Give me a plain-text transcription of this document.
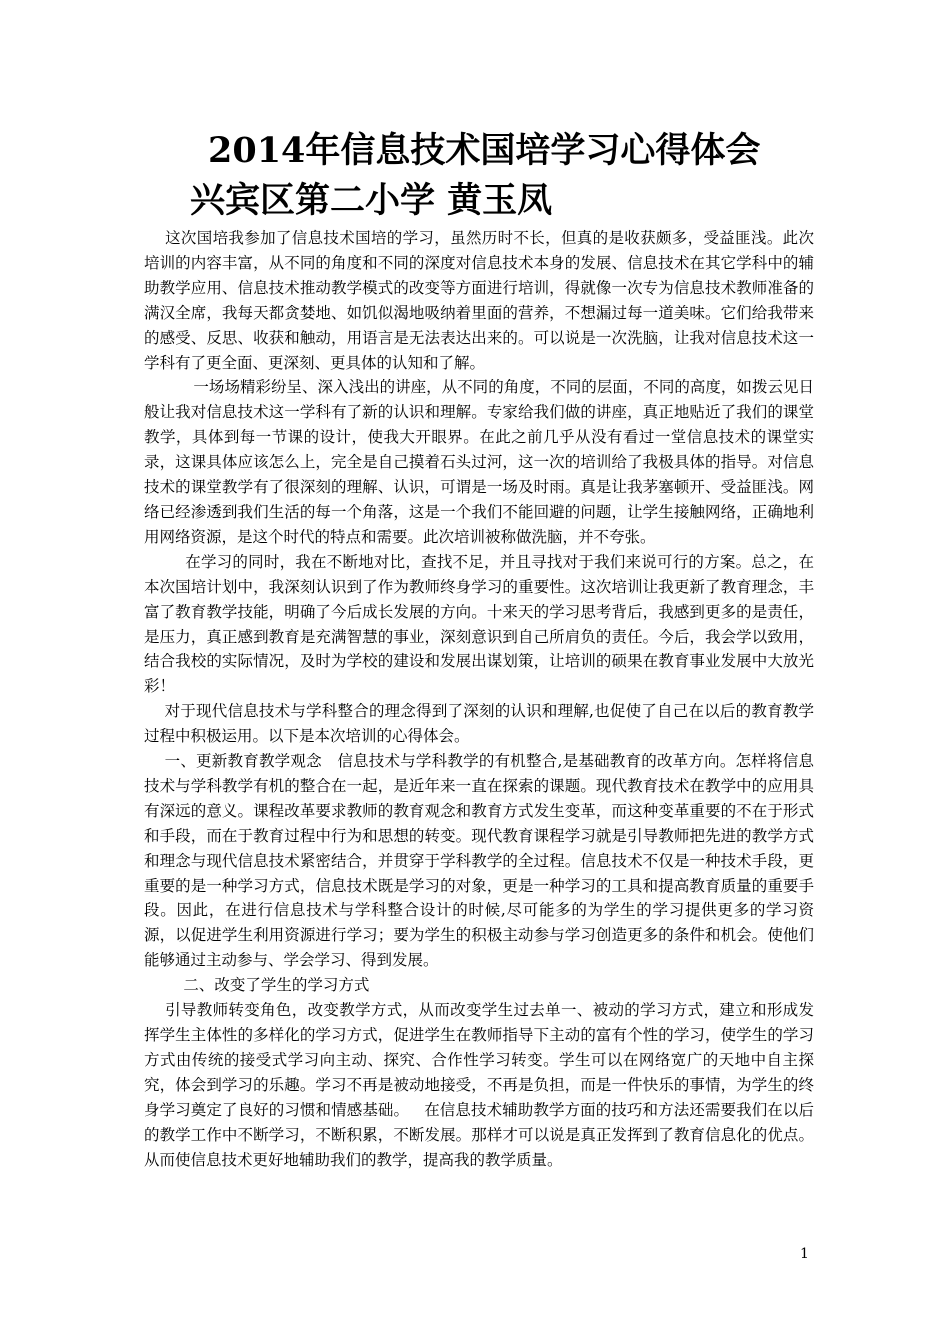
2014年信息技术国培学习心得体会
兴宾区第二小学 黄玉凤

这次国培我参加了信息技术国培的学习，虽然历时不长，但真的是收获颇多，受益匪浅。此次培训的内容丰富，从不同的角度和不同的深度对信息技术本身的发展、信息技术在其它学科中的辅助教学应用、信息技术推动教学模式的改变等方面进行培训，得就像一次专为信息技术教师准备的满汉全席，我每天都贪婪地、如饥似渴地吸纳着里面的营养，不想漏过每一道美味。它们给我带来的感受、反思、收获和触动，用语言是无法表达出来的。可以说是一次洗脑，让我对信息技术这一学科有了更全面、更深刻、更具体的认知和了解。

一场场精彩纷呈、深入浅出的讲座，从不同的角度，不同的层面，不同的高度，如拨云见日般让我对信息技术这一学科有了新的认识和理解。专家给我们做的讲座，真正地贴近了我们的课堂教学，具体到每一节课的设计，使我大开眼界。在此之前几乎从没有看过一堂信息技术的课堂实录，这课具体应该怎么上，完全是自己摸着石头过河，这一次的培训给了我极具体的指导。对信息技术的课堂教学有了很深刻的理解、认识，可谓是一场及时雨。真是让我茅塞顿开、受益匪浅。网络已经渗透到我们生活的每一个角落，这是一个我们不能回避的问题，让学生接触网络，正确地利用网络资源，是这个时代的特点和需要。此次培训被称做洗脑，并不夸张。

在学习的同时，我在不断地对比，查找不足，并且寻找对于我们来说可行的方案。总之，在本次国培计划中，我深刻认识到了作为教师终身学习的重要性。这次培训让我更新了教育理念，丰富了教育教学技能，明确了今后成长发展的方向。十来天的学习思考背后，我感到更多的是责任，是压力，真正感到教育是充满智慧的事业，深刻意识到自己所肩负的责任。今后，我会学以致用，结合我校的实际情况，及时为学校的建设和发展出谋划策，让培训的硕果在教育事业发展中大放光彩！

对于现代信息技术与学科整合的理念得到了深刻的认识和理解,也促使了自己在以后的教育教学过程中积极运用。以下是本次培训的心得体会。

一、更新教育教学观念   信息技术与学科教学的有机整合,是基础教育的改革方向。怎样将信息技术与学科教学有机的整合在一起，是近年来一直在探索的课题。现代教育技术在教学中的应用具有深远的意义。课程改革要求教师的教育观念和教育方式发生变革，而这种变革重要的不在于形式和手段，而在于教育过程中行为和思想的转变。现代教育课程学习就是引导教师把先进的教学方式和理念与现代信息技术紧密结合，并贯穿于学科教学的全过程。信息技术不仅是一种技术手段，更重要的是一种学习方式，信息技术既是学习的对象，更是一种学习的工具和提高教育质量的重要手段。因此，在进行信息技术与学科整合设计的时候,尽可能多的为学生的学习提供更多的学习资源，以促进学生利用资源进行学习；要为学生的积极主动参与学习创造更多的条件和机会。使他们能够通过主动参与、学会学习、得到发展。

二、改变了学生的学习方式

引导教师转变角色，改变教学方式，从而改变学生过去单一、被动的学习方式，建立和形成发挥学生主体性的多样化的学习方式，促进学生在教师指导下主动的富有个性的学习，使学生的学习方式由传统的接受式学习向主动、探究、合作性学习转变。学生可以在网络宽广的天地中自主探究，体会到学习的乐趣。学习不再是被动地接受，不再是负担，而是一件快乐的事情，为学生的终身学习奠定了良好的习惯和情感基础。   在信息技术辅助教学方面的技巧和方法还需要我们在以后的教学工作中不断学习，不断积累，不断发展。那样才可以说是真正发挥到了教育信息化的优点。从而使信息技术更好地辅助我们的教学，提高我的教学质量。

1
